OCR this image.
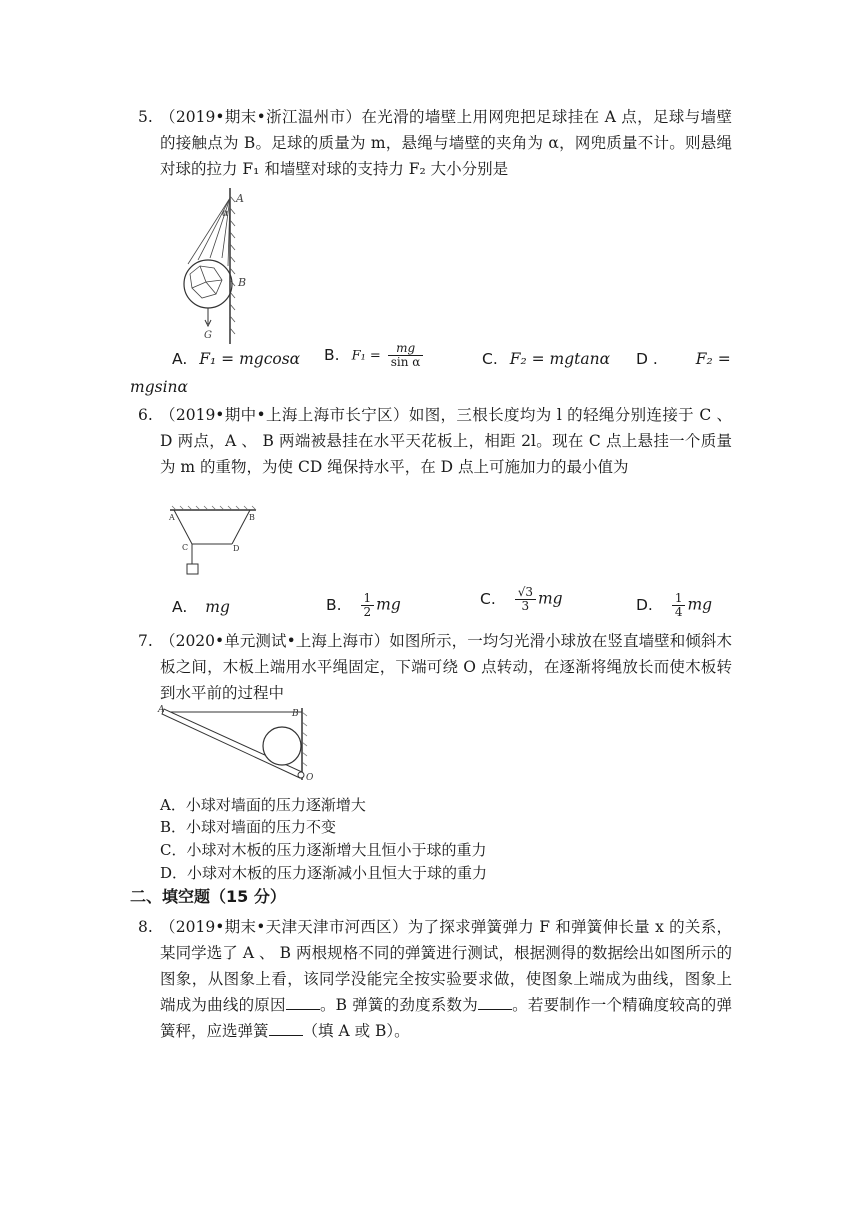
5. （2019•期末•浙江温州市）在光滑的墙壁上用网兜把足球挂在 A 点，足球与墙壁的接触点为 B。足球的质量为 m，悬绳与墙壁的夹角为 α，网兜质量不计。则悬绳对球的拉力 F₁ 和墙壁对球的支持力 F₂ 大小分别是
A
α
B
G
A. F₁ = mgcosα B. $F_1 = \frac{mg}{\text{sin α}}$	C. F₂ = mgtanα D . F₂ =
mgsinα
6. （2019•期中•上海上海市长宁区）如图，三根长度均为 l 的轻绳分别连接于 C 、 D 两点，A 、 B 两端被悬挂在水平天花板上，相距 2l。现在 C 点上悬挂一个质量为 m 的重物，为使 CD 绳保持水平，在 D 点上可施加力的最小值为
A	B
C	D
A. mg	B. $\frac{1}{2}$ mg	C. $\frac{√3}{3}$ mg	D. $\frac{1}{4}$ mg
7. （2020•单元测试•上海上海市）如图所示，一均匀光滑小球放在竖直墙壁和倾斜木板之间，木板上端用水平绳固定，下端可绕 O 点转动，在逐渐将绳放长而使木板转到水平前的过程中
A	B
O
A．小球对墙面的压力逐渐增大
B．小球对墙面的压力不变
C．小球对木板的压力逐渐增大且恒小于球的重力
D．小球对木板的压力逐渐减小且恒大于球的重力
二、填空题（15 分）
8. （2019•期末•天津天津市河西区）为了探求弹簧弹力 F 和弹簧伸长量 x 的关系，某同学选了 A 、 B 两根规格不同的弹簧进行测试，根据测得的数据绘出如图所示的图象，从图象上看，该同学没能完全按实验要求做，使图象上端成为曲线，图象上端成为曲线的原因 。B 弹簧的劲度系数为 。若要制作一个精确度较高的弹簧秤，应选弹簧 （填 A 或 B）。
